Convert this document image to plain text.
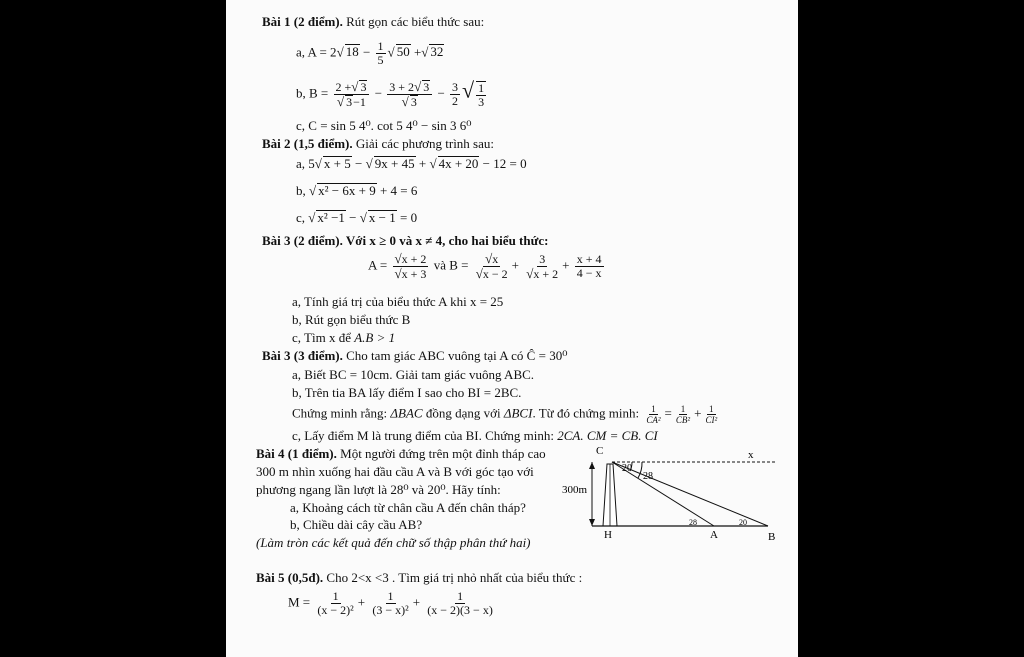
Bài 1 (2 điểm). Rút gọn các biểu thức sau:
a, A = 2√ $18 - \frac{1}{5}$ √ 50 +√ 32
b, $B = \frac{2 +√ 3}{√ 3-1} - \frac{3 + 2√ 3}{√ 3} - \frac{3}{2}$ √ $\frac{1}{3}$
c, C = sin 5 4⁰. cot 5 4⁰ − sin 3 6⁰
Bài 2 (1,5 điểm). Giải các phương trình sau:
a, 5√ x + 5 − √ 9x + 45 + √ 4x + 20 − 12 = 0
b, √ x² − 6x + 9 + 4 = 6
c, √ x² −1 − √ x − 1 = 0
Bài 3 (2 điểm). Với x ≥ 0 và x ≠ 4, cho hai biểu thức:
$A = \frac{√x + 2}{√x + 3}$ và $B = \frac{√x}{√x - 2} + \frac{3}{√x + 2} + \frac{x + 4}{4 - x}$
a, Tính giá trị của biểu thức A khi x = 25
b, Rút gọn biểu thức B
c, Tìm x để A.B > 1
Bài 3 (3 điểm). Cho tam giác ABC vuông tại A có Ĉ = 30⁰
a, Biết BC = 10cm. Giải tam giác vuông ABC.
b, Trên tia BA lấy điểm I sao cho BI = 2BC.
Chứng minh rằng: ΔBAC đồng dạng với ΔBCI. Từ đó chứng minh: $\frac{1}{\text{CA²}} = \frac{1}{\text{CB²}} + \frac{1}{\text{CI²}}$
c, Lấy điểm M là trung điểm của BI. Chứng minh: 2CA. CM = CB. CI
Bài 4 (1 điểm). Một người đứng trên một đỉnh tháp cao
300 m nhìn xuống hai đầu cầu A và B với góc tạo với
phương ngang lần lượt là 28⁰ và 20⁰. Hãy tính:
a, Khoảng cách từ chân cầu A đến chân tháp?
b, Chiều dài cây cầu AB?
(Làm tròn các kết quả đến chữ số thập phân thứ hai)
C
300m
20
28
x
H	A	B
28	20
Bài 5 (0,5đ). Cho 2<x <3 . Tìm giá trị nhỏ nhất của biểu thức :
$M = \frac{1}{\text{(x − 2)²}} + \frac{1}{\text{(3 − x)²}} + \frac{1}{(x - 2)(3 - x)}$
